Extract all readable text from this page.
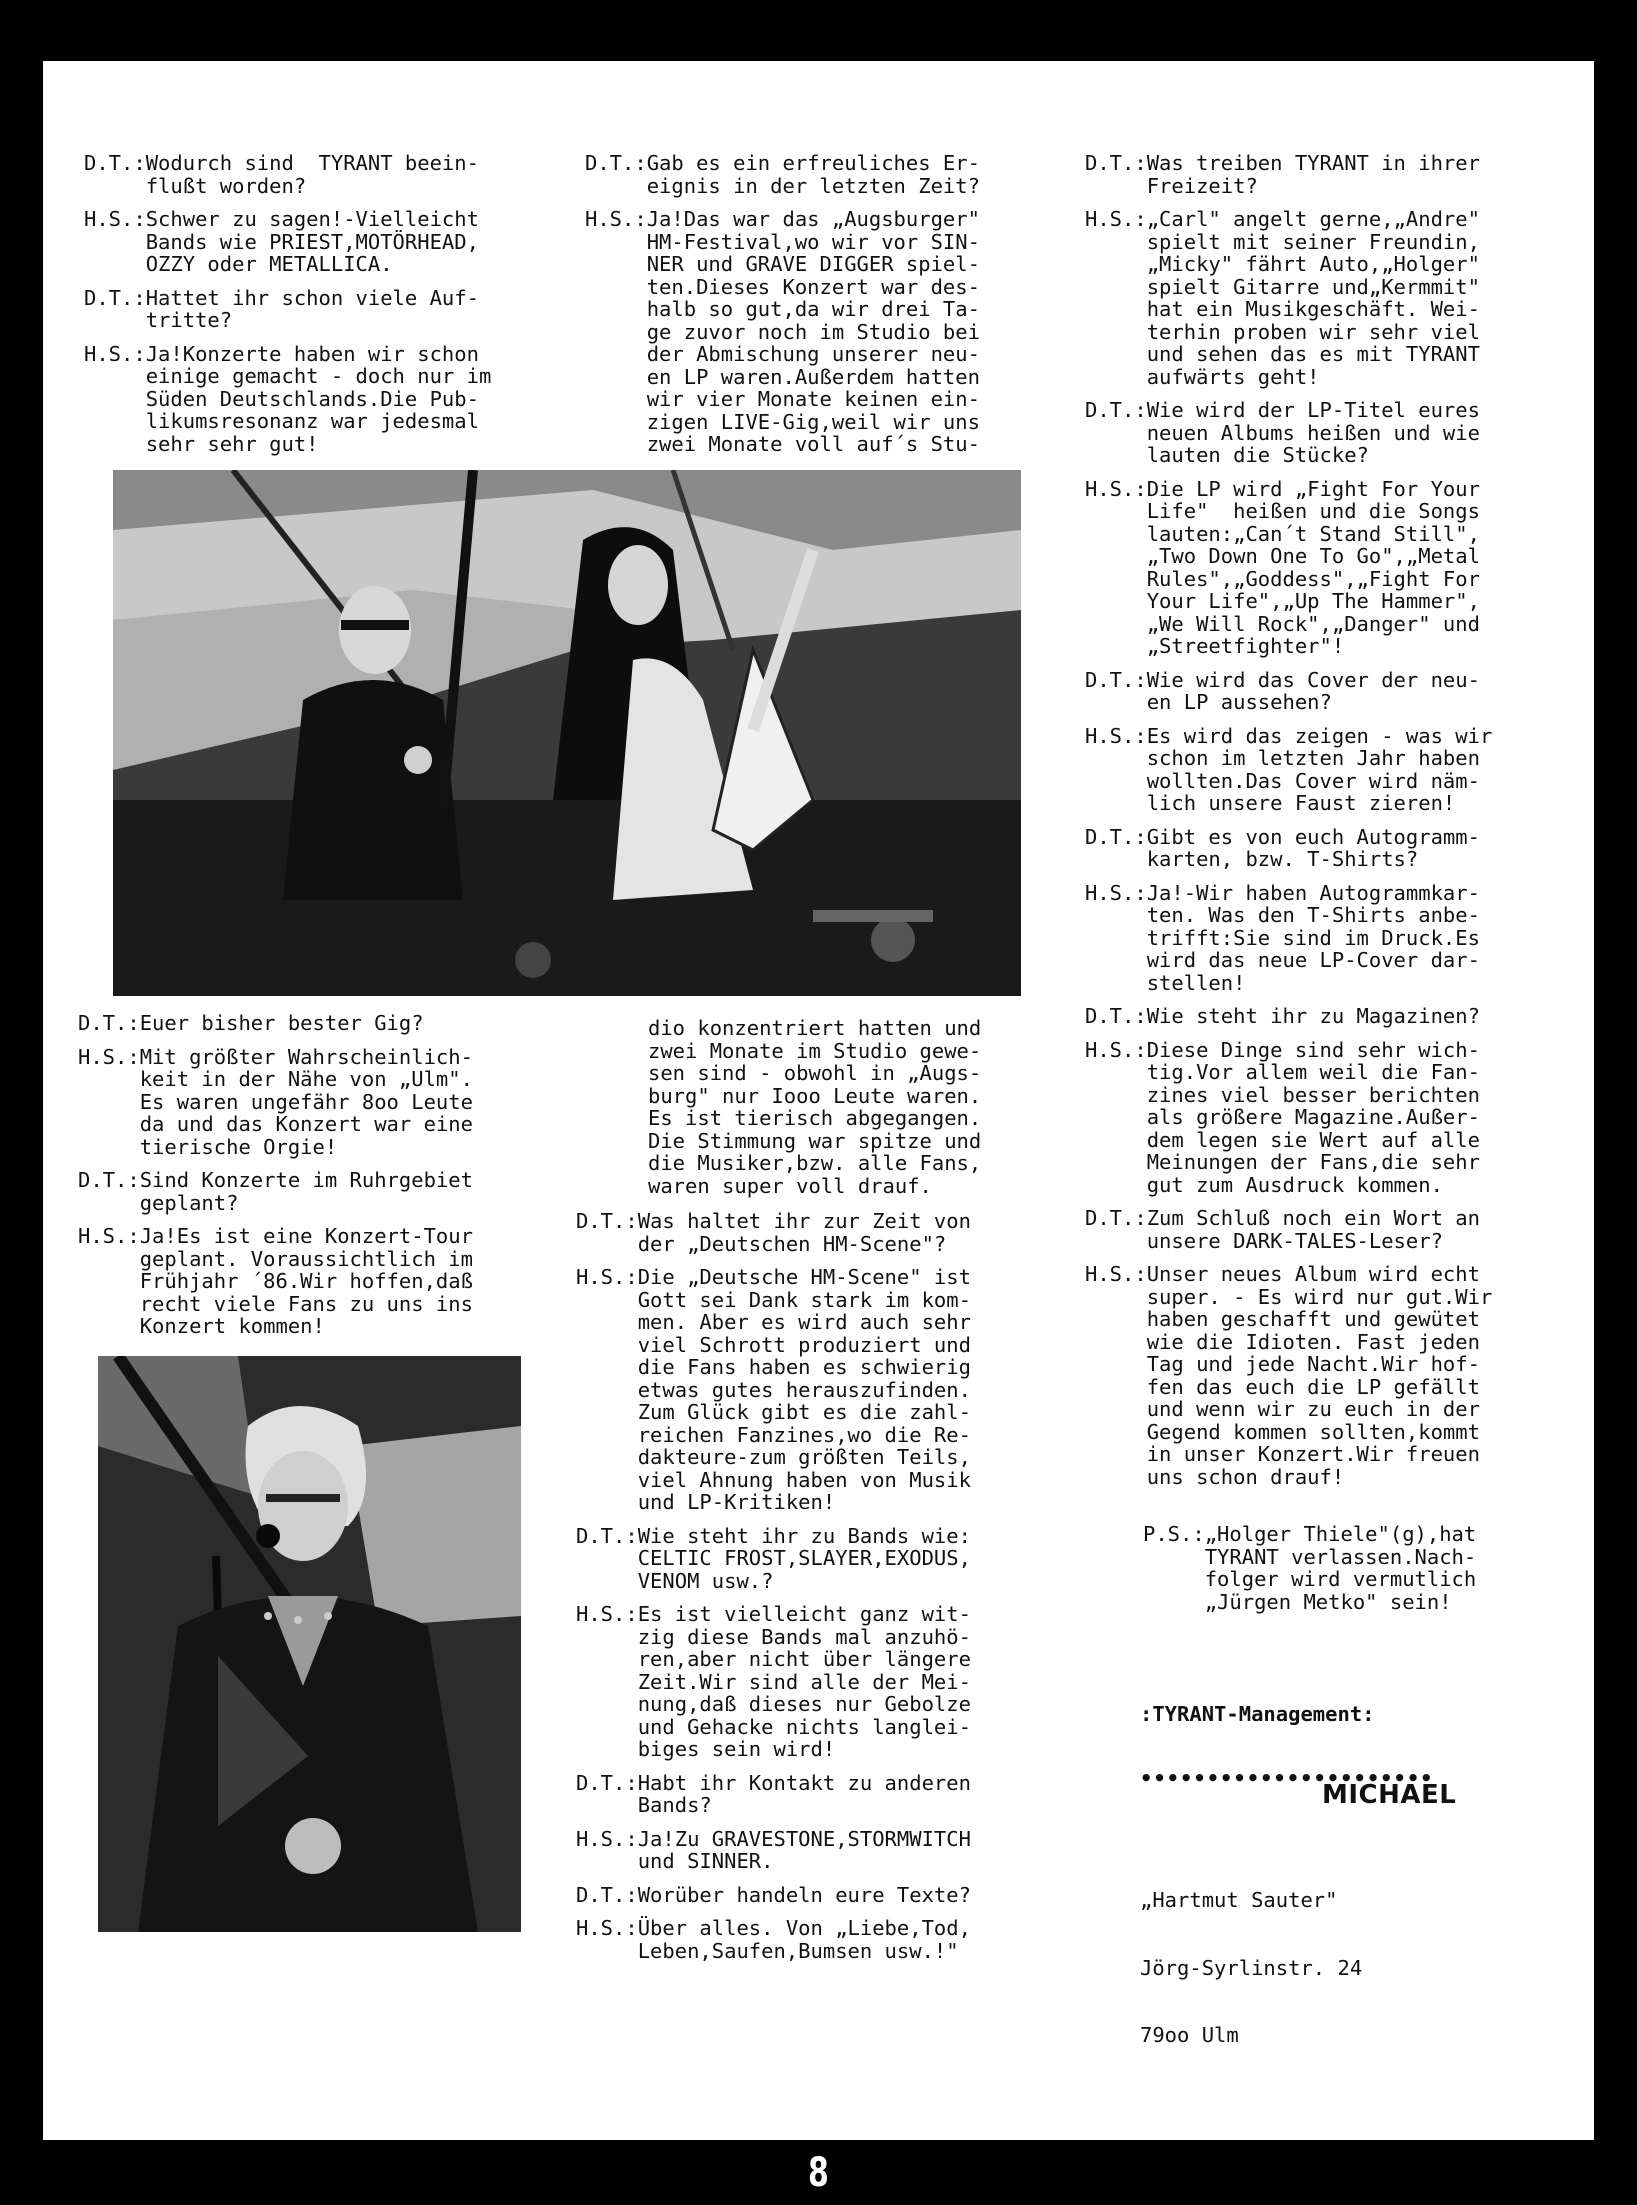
D.T.: Wodurch sind  TYRANT beein-
flußt worden?
H.S.: Schwer zu sagen!-Vielleicht
Bands wie PRIEST,MOTÖRHEAD,
OZZY oder METALLICA.
D.T.: Hattet ihr schon viele Auf-
tritte?
H.S.: Ja!Konzerte haben wir schon
einige gemacht - doch nur im
Süden Deutschlands.Die Pub-
likumsresonanz war jedesmal
sehr sehr gut!
D.T.: Euer bisher bester Gig?
H.S.: Mit größter Wahrscheinlich-
keit in der Nähe von „Ulm".
Es waren ungefähr 8oo Leute
da und das Konzert war eine
tierische Orgie!
D.T.: Sind Konzerte im Ruhrgebiet
geplant?
H.S.: Ja!Es ist eine Konzert-Tour
geplant. Voraussichtlich im
Frühjahr ´86.Wir hoffen,daß
recht viele Fans zu uns ins
Konzert kommen!
D.T.: Gab es ein erfreuliches Er-
eignis in der letzten Zeit?
H.S.: Ja!Das war das „Augsburger"
HM-Festival,wo wir vor SIN-
NER und GRAVE DIGGER spiel-
ten.Dieses Konzert war des-
halb so gut,da wir drei Ta-
ge zuvor noch im Studio bei
der Abmischung unserer neu-
en LP waren.Außerdem hatten
wir vier Monate keinen ein-
zigen LIVE-Gig,weil wir uns
zwei Monate voll auf´s Stu-
dio konzentriert hatten und
zwei Monate im Studio gewe-
sen sind - obwohl in „Augs-
burg" nur Iooo Leute waren.
Es ist tierisch abgegangen.
Die Stimmung war spitze und
die Musiker,bzw. alle Fans,
waren super voll drauf.
D.T.: Was haltet ihr zur Zeit von
der „Deutschen HM-Scene"?
H.S.: Die „Deutsche HM-Scene" ist
Gott sei Dank stark im kom-
men. Aber es wird auch sehr
viel Schrott produziert und
die Fans haben es schwierig
etwas gutes herauszufinden.
Zum Glück gibt es die zahl-
reichen Fanzines,wo die Re-
dakteure-zum größten Teils,
viel Ahnung haben von Musik
und LP-Kritiken!
D.T.: Wie steht ihr zu Bands wie:
CELTIC FROST,SLAYER,EXODUS,
VENOM usw.?
H.S.: Es ist vielleicht ganz wit-
zig diese Bands mal anzuhö-
ren,aber nicht über längere
Zeit.Wir sind alle der Mei-
nung,daß dieses nur Gebolze
und Gehacke nichts langlei-
biges sein wird!
D.T.: Habt ihr Kontakt zu anderen
Bands?
H.S.: Ja!Zu GRAVESTONE,STORMWITCH
und SINNER.
D.T.: Worüber handeln eure Texte?
H.S.: Über alles. Von „Liebe,Tod,
Leben,Saufen,Bumsen usw.!"
D.T.: Was treiben TYRANT in ihrer
Freizeit?
H.S.: „Carl" angelt gerne,„Andre"
spielt mit seiner Freundin,
„Micky" fährt Auto,„Holger"
spielt Gitarre und„Kermmit"
hat ein Musikgeschäft. Wei-
terhin proben wir sehr viel
und sehen das es mit TYRANT
aufwärts geht!
D.T.: Wie wird der LP-Titel eures
neuen Albums heißen und wie
lauten die Stücke?
H.S.: Die LP wird „Fight For Your
Life"  heißen und die Songs
lauten:„Can´t Stand Still",
„Two Down One To Go",„Metal
Rules",„Goddess",„Fight For
Your Life",„Up The Hammer",
„We Will Rock",„Danger" und
„Streetfighter"!
D.T.: Wie wird das Cover der neu-
en LP aussehen?
H.S.: Es wird das zeigen - was wir
schon im letzten Jahr haben
wollten.Das Cover wird näm-
lich unsere Faust zieren!
D.T.: Gibt es von euch Autogramm-
karten, bzw. T-Shirts?
H.S.: Ja!-Wir haben Autogrammkar-
ten. Was den T-Shirts anbe-
trifft:Sie sind im Druck.Es
wird das neue LP-Cover dar-
stellen!
D.T.: Wie steht ihr zu Magazinen?
H.S.: Diese Dinge sind sehr wich-
tig.Vor allem weil die Fan-
zines viel besser berichten
als größere Magazine.Außer-
dem legen sie Wert auf alle
Meinungen der Fans,die sehr
gut zum Ausdruck kommen.
D.T.: Zum Schluß noch ein Wort an
unsere DARK-TALES-Leser?
H.S.: Unser neues Album wird echt
super. - Es wird nur gut.Wir
haben geschafft und gewütet
wie die Idioten. Fast jeden
Tag und jede Nacht.Wir hof-
fen das euch die LP gefällt
und wenn wir zu euch in der
Gegend kommen sollten,kommt
in unser Konzert.Wir freuen
uns schon drauf!
P.S.: „Holger Thiele"(g),hat
TYRANT verlassen.Nach-
folger wird vermutlich
„Jürgen Metko" sein!

:TYRANT-Management:

••••••••••••••••••••••

„Hartmut Sauter"

Jörg-Syrlinstr. 24

79oo Ulm

MICHAEL
8
